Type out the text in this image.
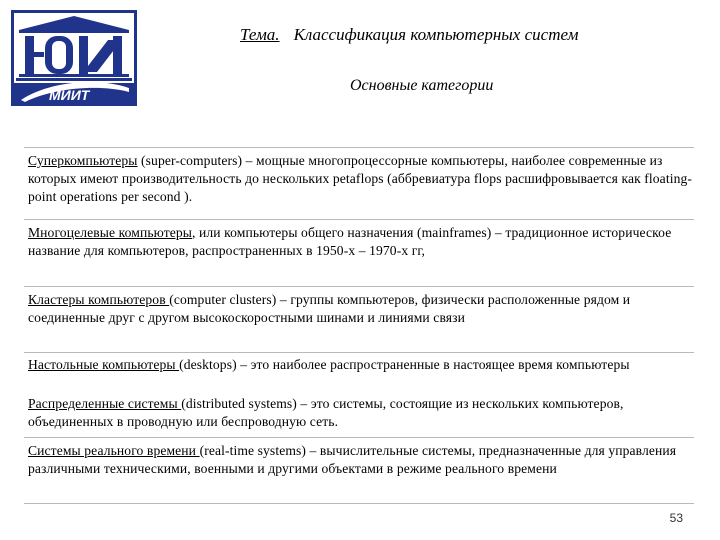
МИИТ
Тема. Классификация компьютерных систем
Основные категории
Суперкомпьютеры (super-computers) – мощные многопроцессорные компьютеры, наиболее современные из которых имеют производительность до нескольких petaflops (аббревиатура flops расшифровывается как floating-point operations per second ).
Многоцелевые компьютеры, или компьютеры общего назначения (mainframes) – традиционное историческое название для компьютеров, распространенных в 1950-х – 1970-х гг,
Кластеры компьютеров (computer clusters) – группы компьютеров, физически расположенные рядом и соединенные друг с другом высокоскоростными шинами и линиями связи
Настольные компьютеры (desktops) – это наиболее распространенные в настоящее время компьютеры
Распределенные системы (distributed systems) – это системы, состоящие из нескольких компьютеров, объединенных в проводную или беспроводную сеть.
Системы реального времени (real-time systems) – вычислительные системы, предназначенные для управления различными техническими, военными и другими объектами в режиме реального времени
53
